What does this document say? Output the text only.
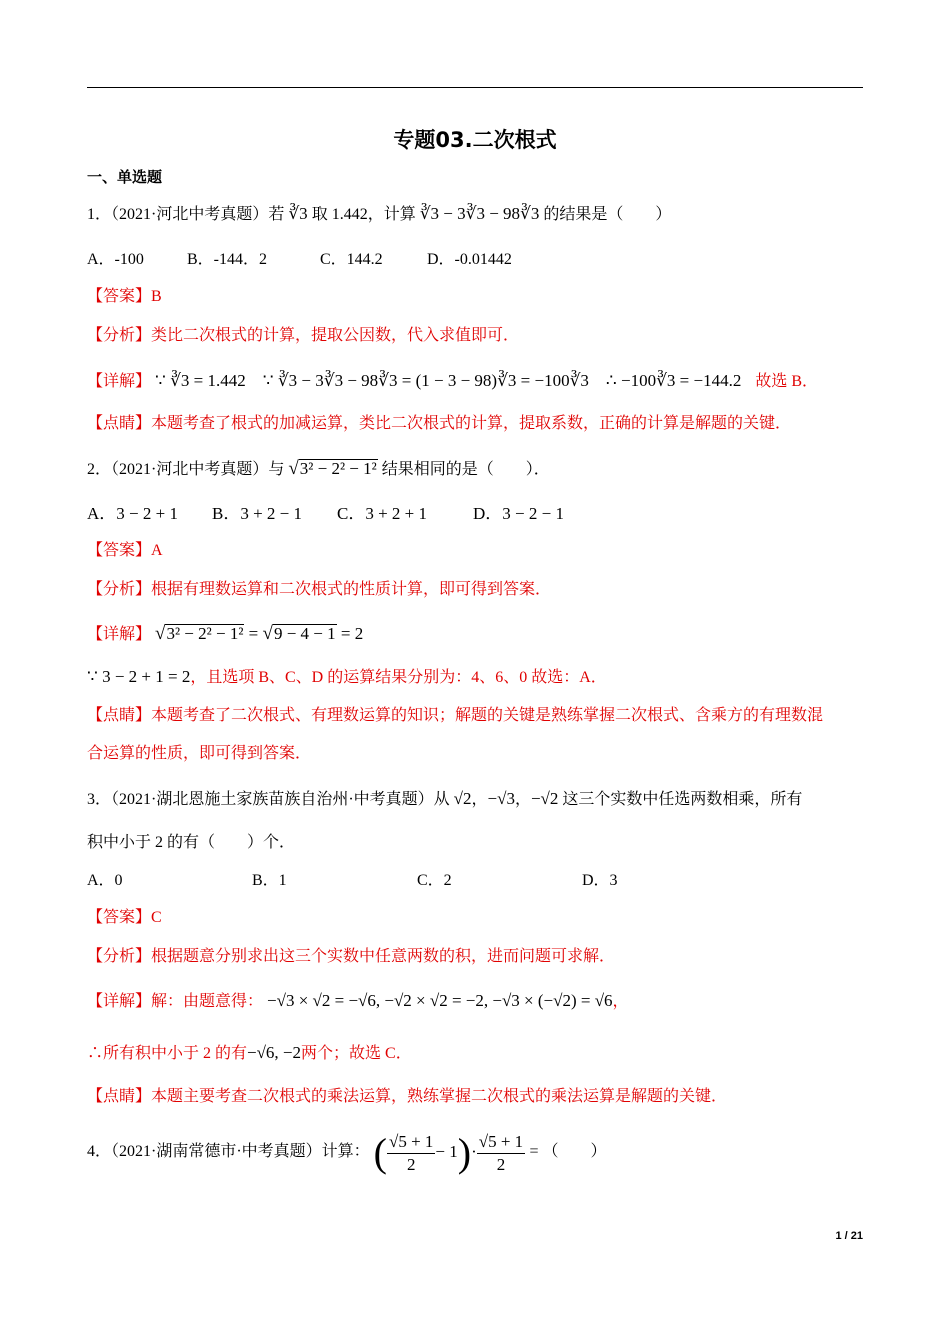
专题03.二次根式
一、单选题
1．（2021·河北中考真题）若 ∛3 取 1.442，计算 ∛3 − 3∛3 − 98∛3 的结果是（　　）
A．-100	B．-144．2	C．144.2	D．-0.01442
【答案】B
【分析】类比二次根式的计算，提取公因数，代入求值即可．
【详解】 ∵ ∛3 = 1.442　∵ ∛3 − 3∛3 − 98∛3 = (1 − 3 − 98)∛3 = −100∛3　∴ −100∛3 = −144.2 故选 B．
【点睛】本题考查了根式的加减运算，类比二次根式的计算，提取系数，正确的计算是解题的关键．
2．（2021·河北中考真题）与 √3² − 2² − 1² 结果相同的是（　　）．
A．3 − 2 + 1 B．3 + 2 − 1 C．3 + 2 + 1	D．3 − 2 − 1
【答案】A
【分析】根据有理数运算和二次根式的性质计算，即可得到答案．
【详解】 √3² − 2² − 1² = √9 − 4 − 1 = 2
∵ 3 − 2 + 1 = 2，且选项 B、C、D 的运算结果分别为：4、6、0 故选：A．
【点睛】本题考查了二次根式、有理数运算的知识；解题的关键是熟练掌握二次根式、含乘方的有理数混
合运算的性质，即可得到答案．
3．（2021·湖北恩施土家族苗族自治州·中考真题）从 √2，−√3，−√2 这三个实数中任选两数相乘，所有
积中小于 2 的有（　　）个．
A．0	B．1	C．2	D．3
【答案】C
【分析】根据题意分别求出这三个实数中任意两数的积，进而问题可求解．
【详解】解：由题意得： −√3 × √2 = −√6, −√2 × √2 = −2, −√3 × (−√2) = √6，
∴所有积中小于 2 的有−√6, −2两个；故选 C．
【点睛】本题主要考查二次根式的乘法运算，熟练掌握二次根式的乘法运算是解题的关键．
4．（2021·湖南常德市·中考真题）计算： ( $\frac{√5 + 1}{2} - 1)\cdot \frac{√5 + 1}{2}$ = （　　）
1 / 21
